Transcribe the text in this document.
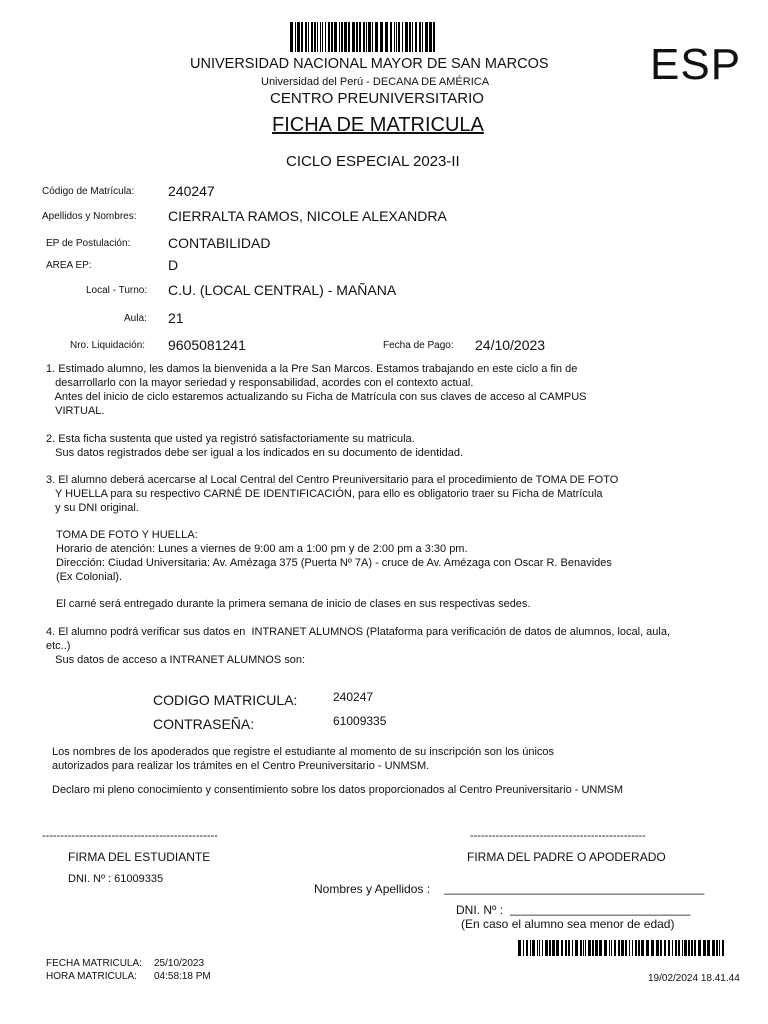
UNIVERSIDAD NACIONAL MAYOR DE SAN MARCOS
Universidad del Perú - DECANA DE AMÉRICA
CENTRO PREUNIVERSITARIO
ESP
FICHA DE MATRICULA
CICLO ESPECIAL 2023-II
Código de Matrícula: 240247
Apellidos y Nombres: CIERRALTA RAMOS, NICOLE ALEXANDRA
EP de Postulación:	CONTABILIDAD
AREA EP:	D
Local - Turno: C.U. (LOCAL CENTRAL) - MAÑANA
Aula: 21
Nro. Liquidación: 9605081241	Fecha de Pago: 24/10/2023
1. Estimado alumno, les damos la bienvenida a la Pre San Marcos. Estamos trabajando en este ciclo a fin de
desarrollarlo con la mayor seriedad y responsabilidad, acordes con el contexto actual.
Antes del inicio de ciclo estaremos actualizando su Ficha de Matrícula con sus claves de acceso al CAMPUS
VIRTUAL.
2. Esta ficha sustenta que usted ya registró satisfactoriamente su matricula.
Sus datos registrados debe ser igual a los indicados en su documento de identidad.
3. El alumno deberá acercarse al Local Central del Centro Preuniversitario para el procedimiento de TOMA DE FOTO
Y HUELLA para su respectivo CARNÉ DE IDENTIFICACIÓN, para ello es obligatorio traer su Ficha de Matrícula
y su DNI original.
TOMA DE FOTO Y HUELLA:
Horario de atención: Lunes a viernes de 9:00 am a 1:00 pm y de 2:00 pm a 3:30 pm.
Dirección: Ciudad Universitaria: Av. Amézaga 375 (Puerta Nº 7A) - cruce de Av. Amézaga con Oscar R. Benavides
(Ex Colonial).
El carné será entregado durante la primera semana de inicio de clases en sus respectivas sedes.
4. El alumno podrá verificar sus datos en  INTRANET ALUMNOS (Plataforma para verificación de datos de alumnos, local, aula,
etc..)
Sus datos de acceso a INTRANET ALUMNOS son:
CODIGO MATRICULA:	240247
CONTRASEÑA:	61009335
Los nombres de los apoderados que registre el estudiante al momento de su inscripción son los únicos
autorizados para realizar los trámites en el Centro Preuniversitario - UNMSM.
Declaro mi pleno conocimiento y consentimiento sobre los datos proporcionados al Centro Preuniversitario - UNMSM
------------------------------------------------	------------------------------------------------
FIRMA DEL ESTUDIANTE	FIRMA DEL PADRE O APODERADO
DNI. Nº : 61009335
Nombres y Apellidos : _______________________________________
DNI. Nº : ___________________________
(En caso el alumno sea menor de edad)
FECHA MATRICULA: 25/10/2023
HORA MATRICULA: 04:58:18 PM	19/02/2024 18.41.44
